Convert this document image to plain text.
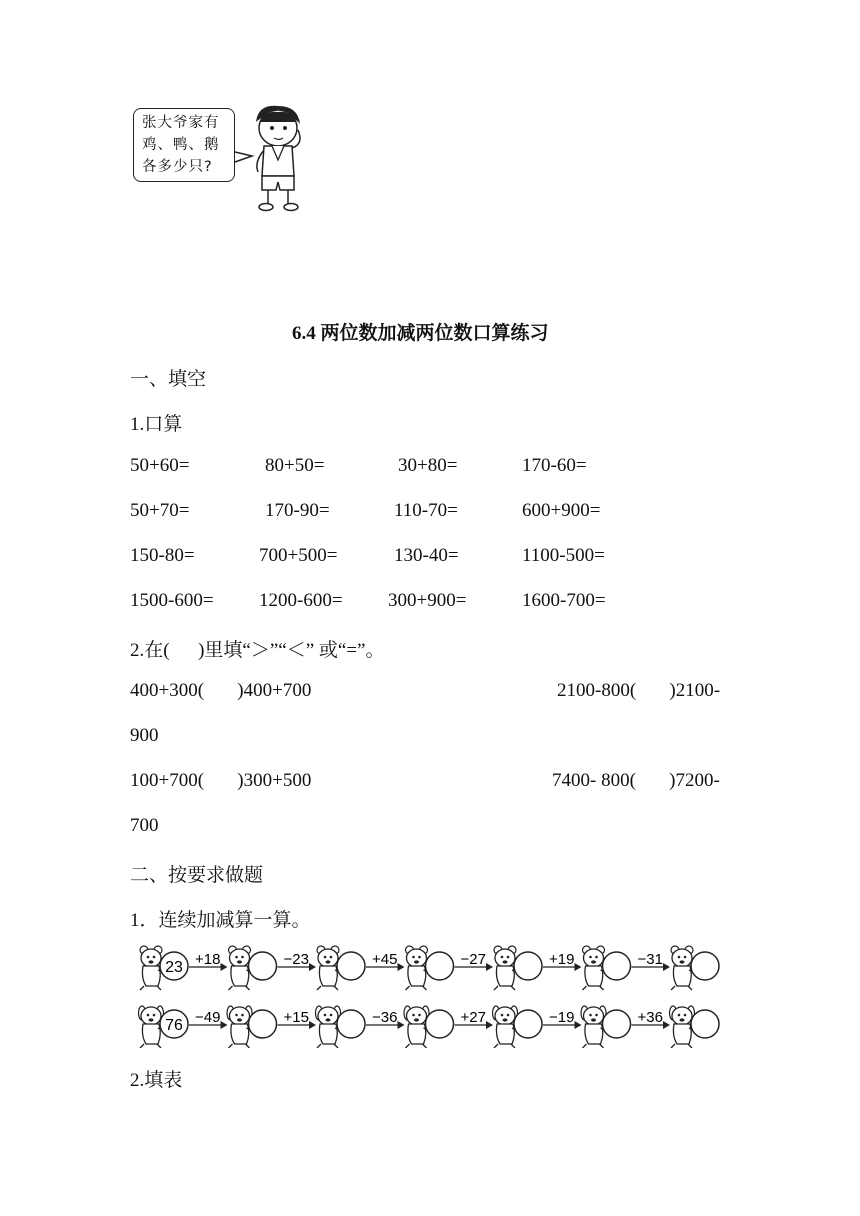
张大爷家有
鸡、鸭、鹅
各多少只?
6.4 两位数加减两位数口算练习
一、填空
1.口算
50+60=	80+50=	30+80=	170-60=
50+70=	170-90=	110-70=	600+900=
150-80=	700+500=	130-40=	1100-500=
1500-600= 1200-600= 300+900=	1600-700=
2.在(      )里填“＞”“＜” 或“=”。
400+300(       )400+700	2100-800(       )2100-
900
100+700(       )300+500	7400- 800(       )7200-
700
二、按要求做题
1．连续加减算一算。
23 +18	−23	+45	−27	+19	−31
76 −49	+15	−36	+27	−19	+36
2.填表
